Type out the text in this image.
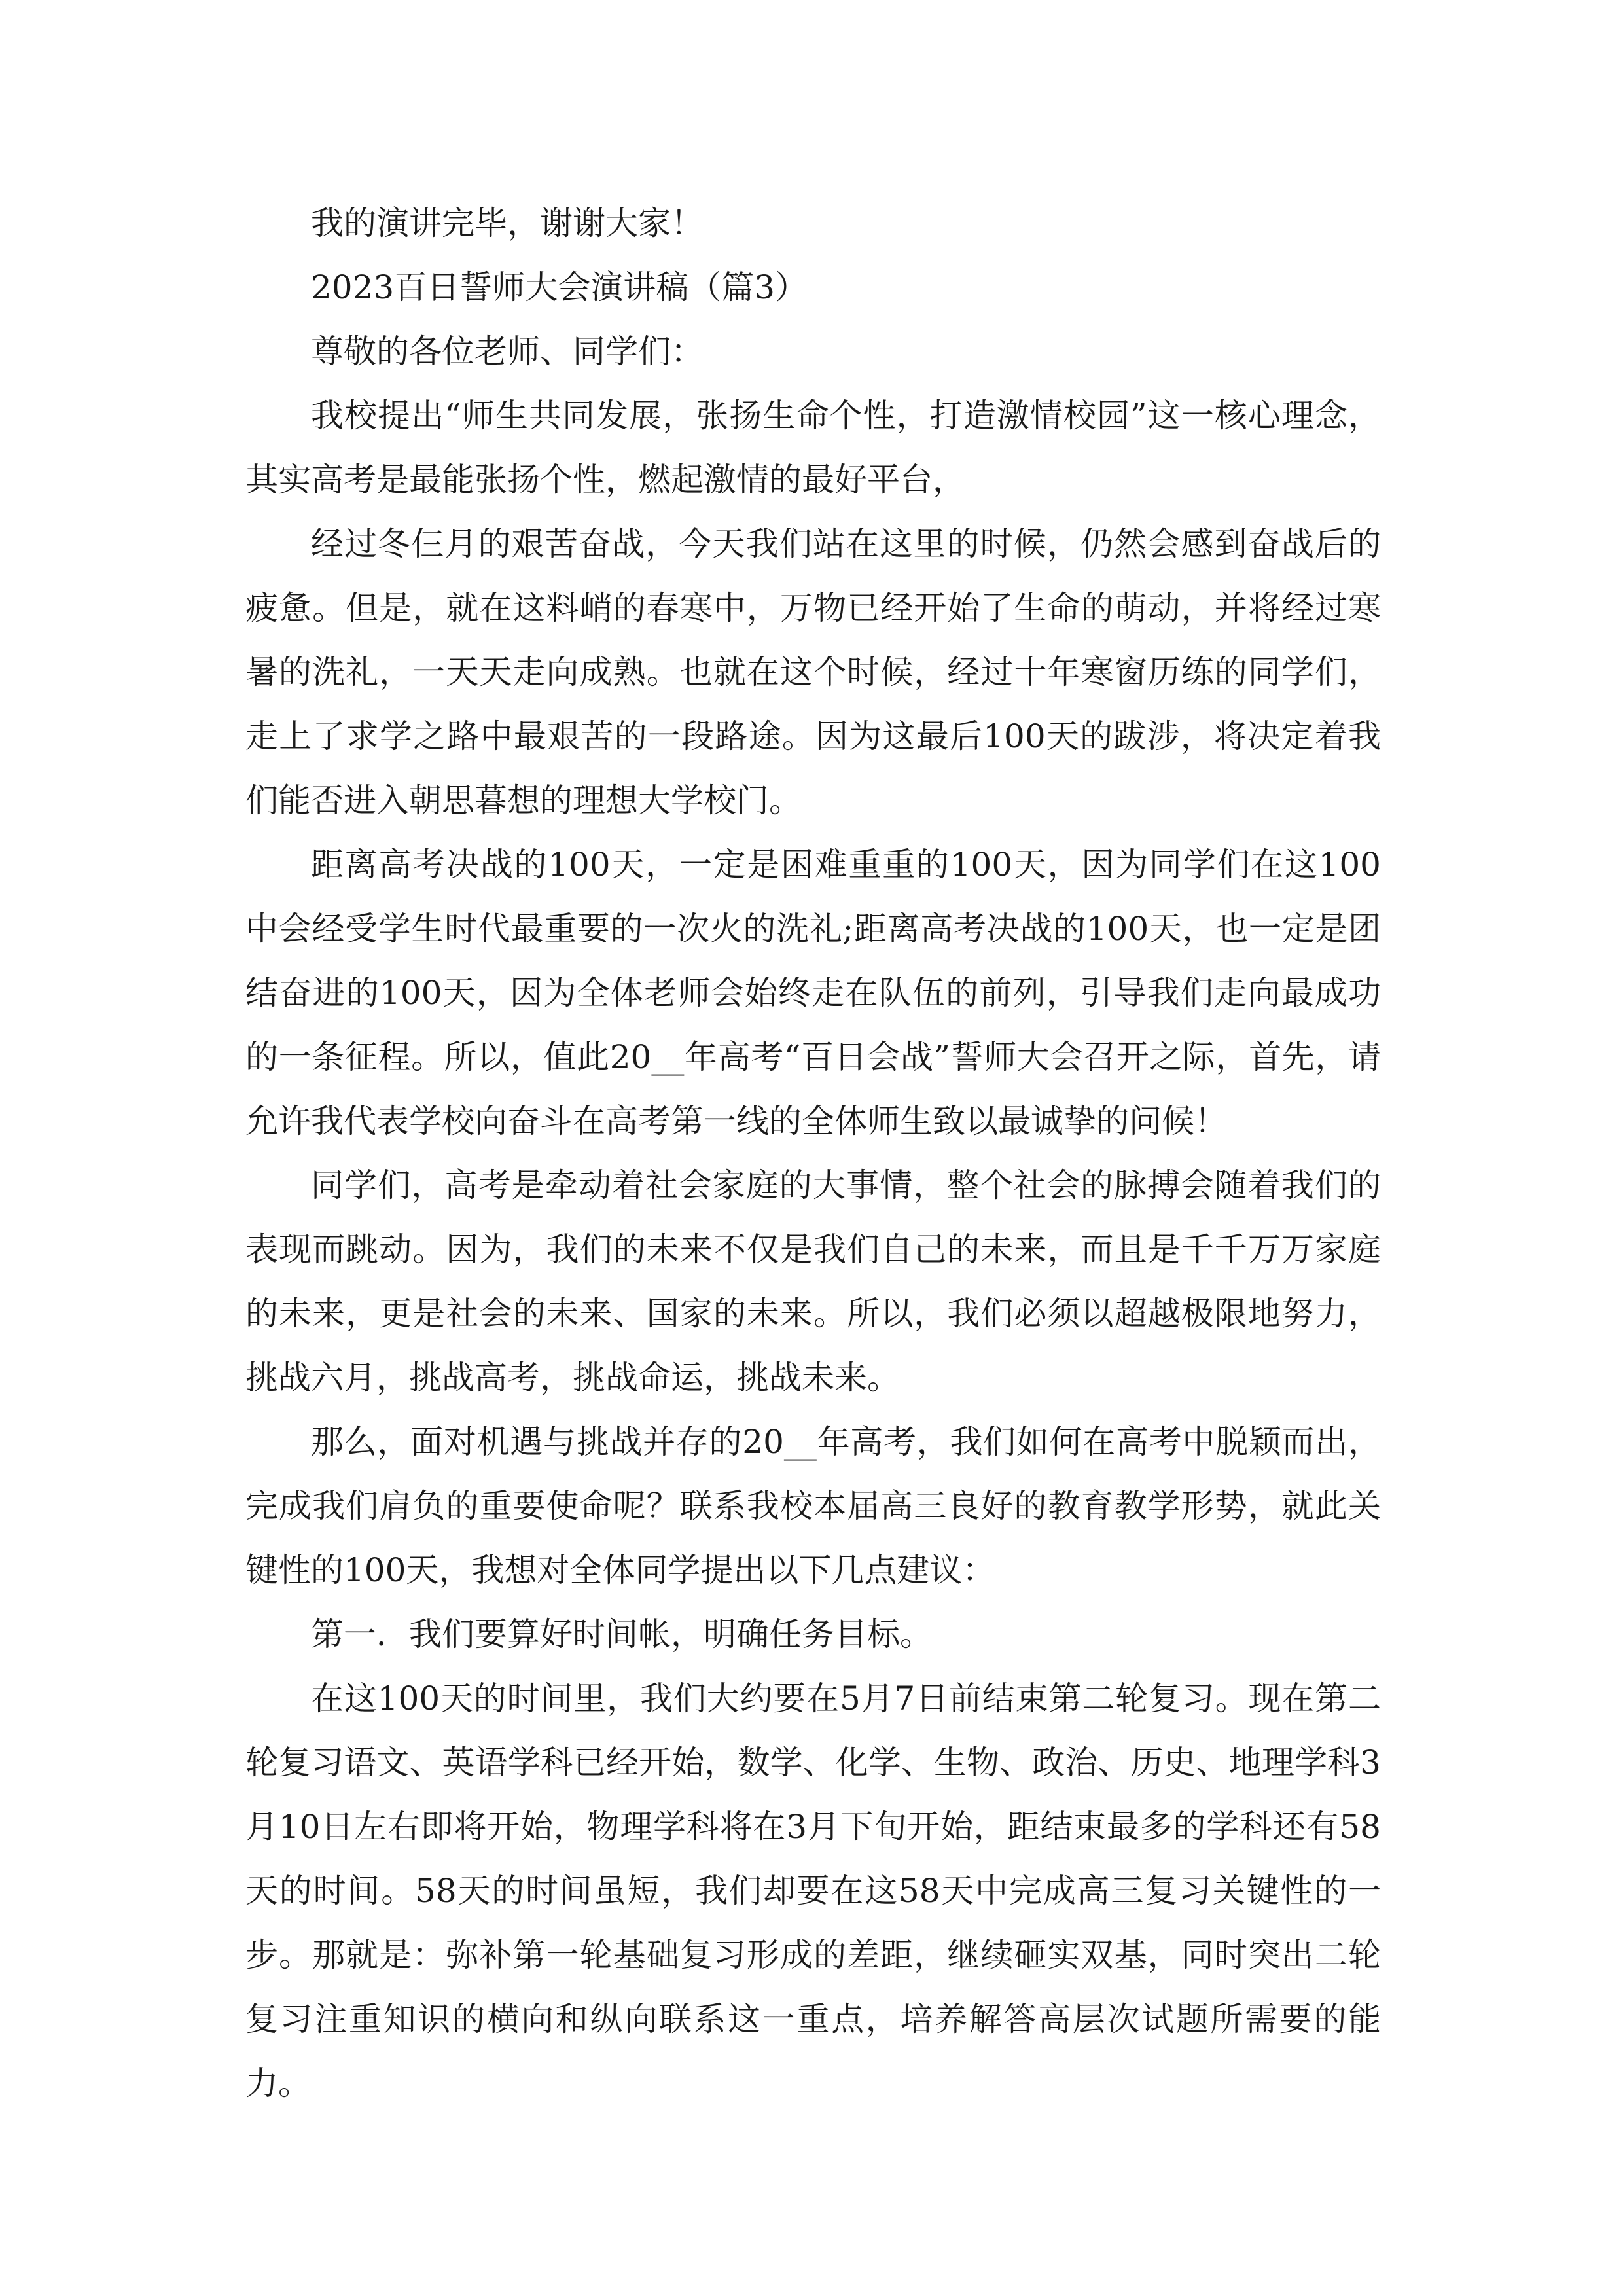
我的演讲完毕，谢谢大家！

2023百日誓师大会演讲稿（篇3）

尊敬的各位老师、同学们：

我校提出“师生共同发展，张扬生命个性，打造激情校园”这一核心理念，其实高考是最能张扬个性，燃起激情的最好平台，

经过冬仨月的艰苦奋战，今天我们站在这里的时候，仍然会感到奋战后的疲惫。但是，就在这料峭的春寒中，万物已经开始了生命的萌动，并将经过寒暑的洗礼，一天天走向成熟。也就在这个时候，经过十年寒窗历练的同学们，走上了求学之路中最艰苦的一段路途。因为这最后100天的跋涉，将决定着我们能否进入朝思暮想的理想大学校门。

距离高考决战的100天，一定是困难重重的100天，因为同学们在这100中会经受学生时代最重要的一次火的洗礼;距离高考决战的100天，也一定是团结奋进的100天，因为全体老师会始终走在队伍的前列，引导我们走向最成功的一条征程。所以，值此20__年高考“百日会战”誓师大会召开之际，首先，请允许我代表学校向奋斗在高考第一线的全体师生致以最诚挚的问候！

同学们，高考是牵动着社会家庭的大事情，整个社会的脉搏会随着我们的表现而跳动。因为，我们的未来不仅是我们自己的未来，而且是千千万万家庭的未来，更是社会的未来、国家的未来。所以，我们必须以超越极限地努力，挑战六月，挑战高考，挑战命运，挑战未来。

那么，面对机遇与挑战并存的20__年高考，我们如何在高考中脱颖而出，完成我们肩负的重要使命呢？联系我校本届高三良好的教育教学形势，就此关键性的100天，我想对全体同学提出以下几点建议：

第一．我们要算好时间帐，明确任务目标。

在这100天的时间里，我们大约要在5月7日前结束第二轮复习。现在第二轮复习语文、英语学科已经开始，数学、化学、生物、政治、历史、地理学科3月10日左右即将开始，物理学科将在3月下旬开始，距结束最多的学科还有58天的时间。58天的时间虽短，我们却要在这58天中完成高三复习关键性的一步。那就是：弥补第一轮基础复习形成的差距，继续砸实双基，同时突出二轮复习注重知识的横向和纵向联系这一重点，培养解答高层次试题所需要的能力。
